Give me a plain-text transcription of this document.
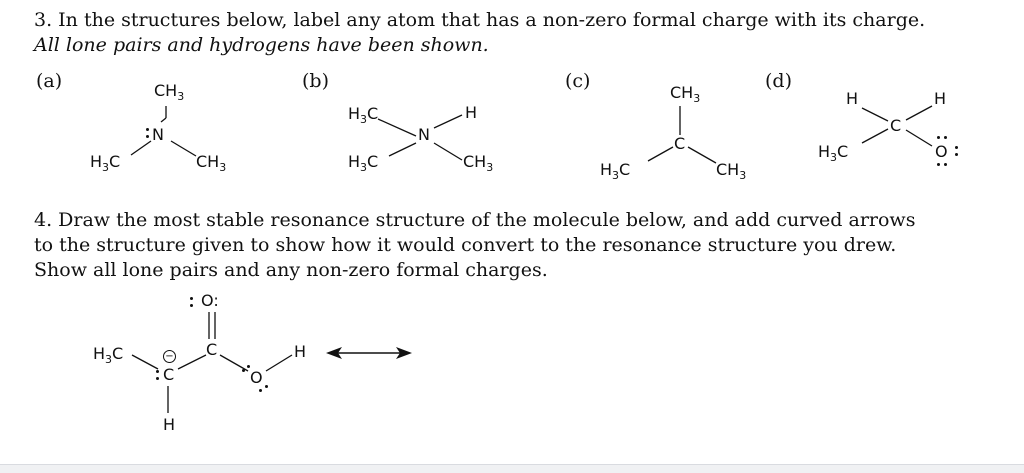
3. In the structures below, label any atom that has a non-zero formal charge with its charge.
All lone pairs and hydrogens have been shown.
(a)	(b)	(c)	(d)
$CH_3$
N
$H_3C$	$CH_3$
$H_3C$	H
N
$H_3C$	$CH_3$
$CH_3$
C
$H_3C$	$CH_3$
H	H
C
$H_3C$	O
4. Draw the most stable resonance structure of the molecule below, and add curved arrows
to the structure given to show how it would convert to the resonance structure you drew.
Show all lone pairs and any non-zero formal charges.
O:
$H_3C$	C	H
C
−
O
H
